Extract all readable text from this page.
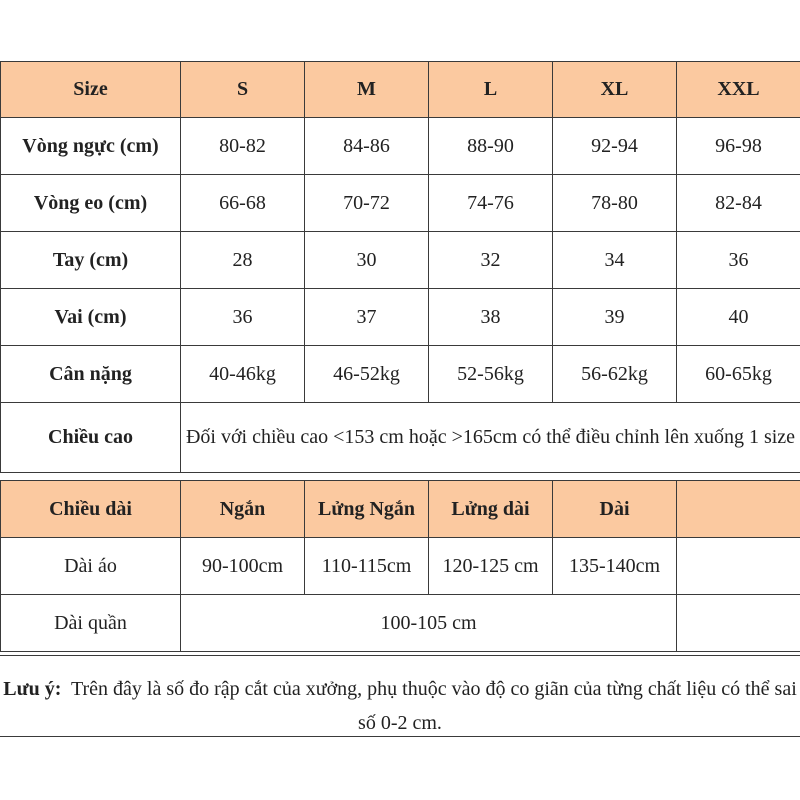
Size	S	M	L	XL	XXL
Vòng ngực (cm)	80-82	84-86	88-90	92-94	96-98
Vòng eo (cm)	66-68	70-72	74-76	78-80	82-84
Tay (cm)	28	30	32	34	36
Vai (cm)	36	37	38	39	40
Cân nặng	40-46kg	46-52kg	52-56kg	56-62kg	60-65kg
Chiều cao	Đối với chiều cao <153 cm hoặc >165cm có thể điều chỉnh lên xuống 1 size				
Chiều dài	Ngắn	Lửng Ngắn	Lửng dài	Dài	
Dài áo	90-100cm	110-115cm	120-125 cm	135-140cm	
Dài quần	100-105 cm				
Lưu ý: Trên đây là số đo rập cắt của xưởng, phụ thuộc vào độ co giãn của từng chất liệu có thể sai số 0-2 cm.
